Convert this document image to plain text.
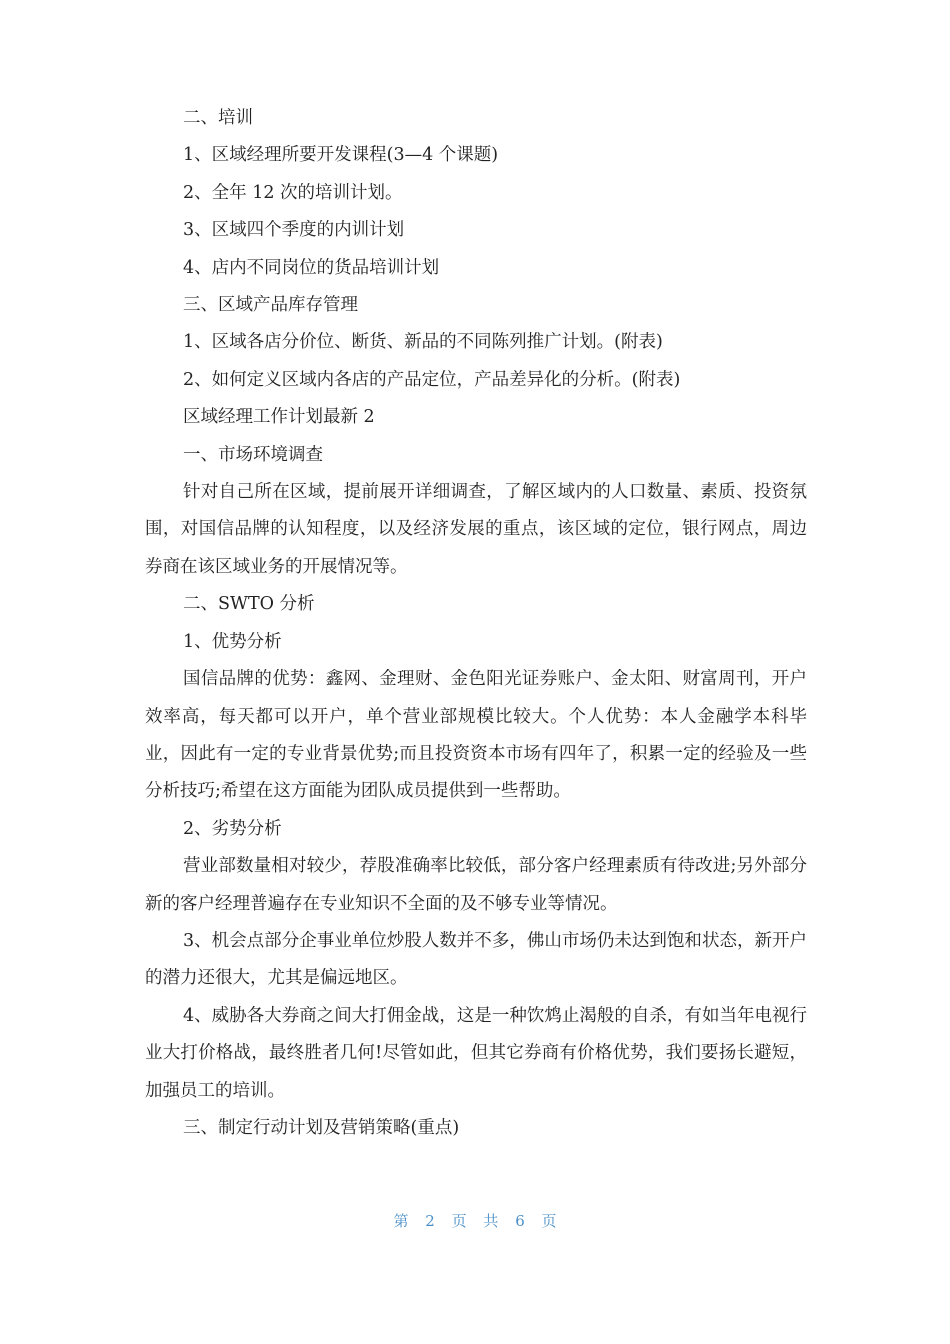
二、培训

1、区域经理所要开发课程(3—4 个课题)

2、全年 12 次的培训计划。

3、区域四个季度的内训计划

4、店内不同岗位的货品培训计划

三、区域产品库存管理

1、区域各店分价位、断货、新品的不同陈列推广计划。(附表)

2、如何定义区域内各店的产品定位，产品差异化的分析。(附表)

区域经理工作计划最新 2

一、市场环境调查

针对自己所在区域，提前展开详细调查，了解区域内的人口数量、素质、投资氛围，对国信品牌的认知程度，以及经济发展的重点，该区域的定位，银行网点，周边券商在该区域业务的开展情况等。

二、SWTO 分析

1、优势分析

国信品牌的优势：鑫网、金理财、金色阳光证券账户、金太阳、财富周刊，开户效率高，每天都可以开户，单个营业部规模比较大。个人优势：本人金融学本科毕业，因此有一定的专业背景优势;而且投资资本市场有四年了，积累一定的经验及一些分析技巧;希望在这方面能为团队成员提供到一些帮助。

2、劣势分析

营业部数量相对较少，荐股准确率比较低，部分客户经理素质有待改进;另外部分新的客户经理普遍存在专业知识不全面的及不够专业等情况。

3、机会点部分企事业单位炒股人数并不多，佛山市场仍未达到饱和状态，新开户的潜力还很大，尤其是偏远地区。

4、威胁各大券商之间大打佣金战，这是一种饮鸩止渴般的自杀，有如当年电视行业大打价格战，最终胜者几何!尽管如此，但其它券商有价格优势，我们要扬长避短，加强员工的培训。

三、制定行动计划及营销策略(重点)

第 2 页 共 6 页
